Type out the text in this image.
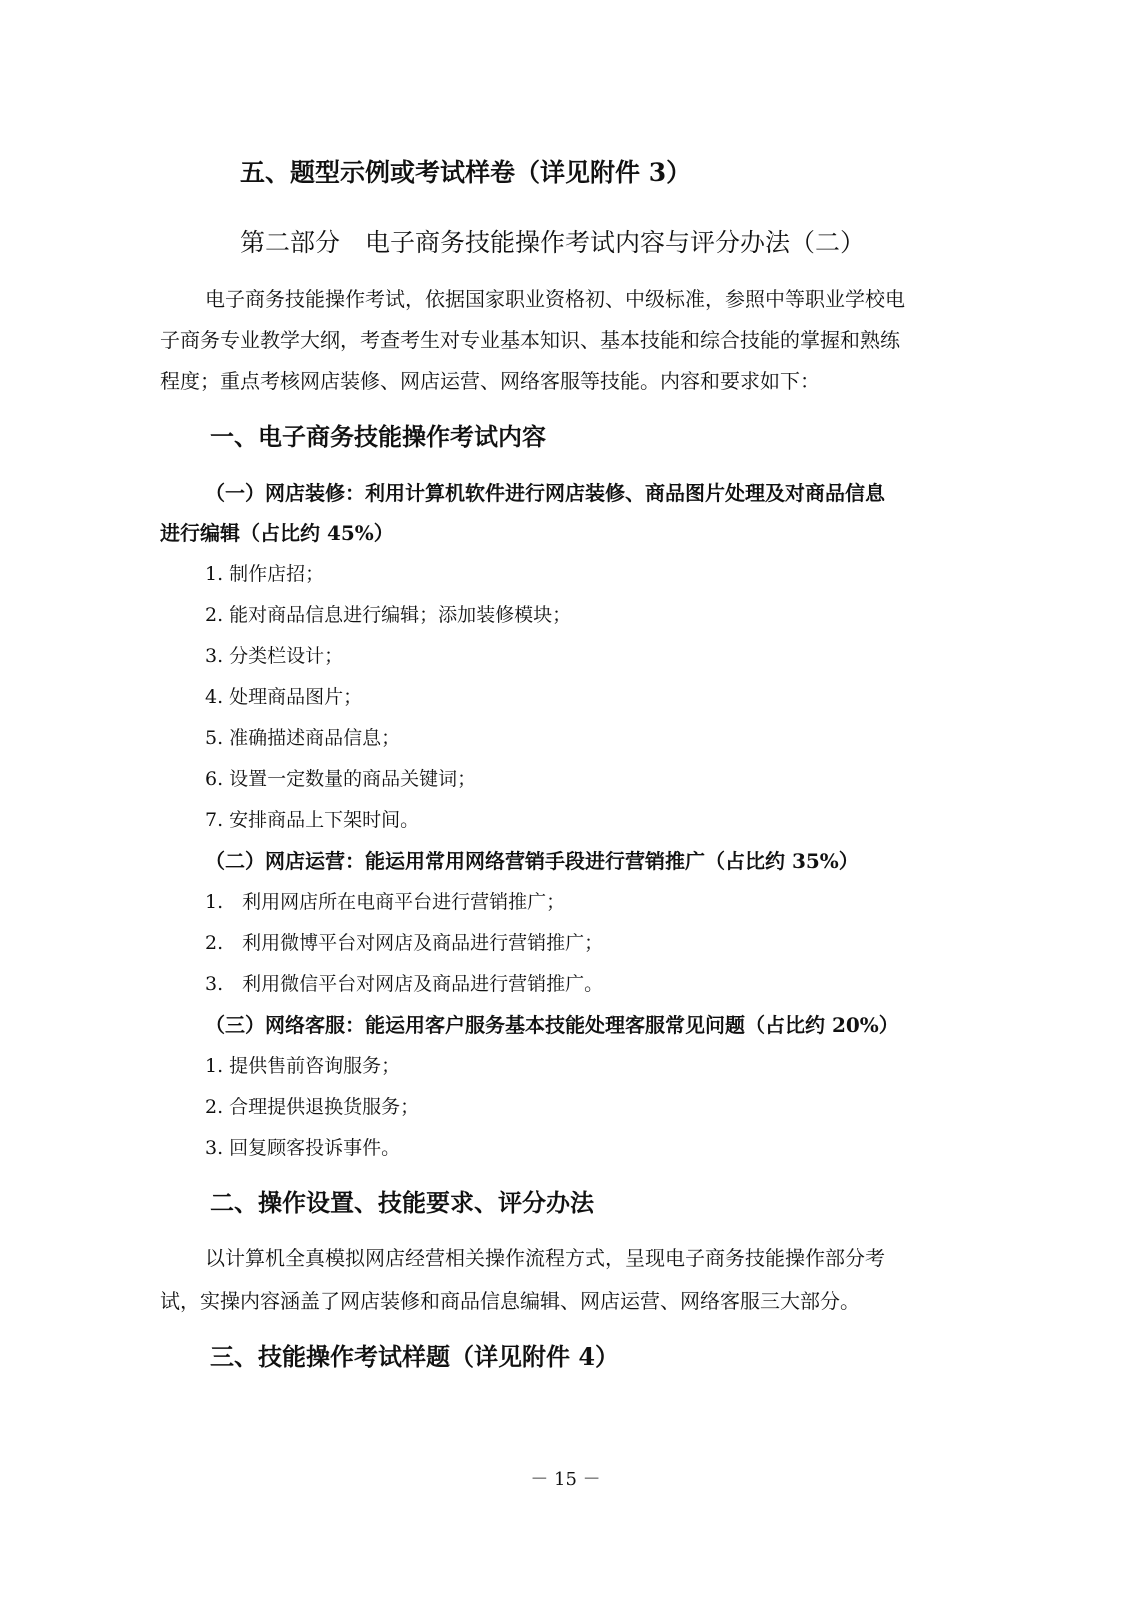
五、题型示例或考试样卷（详见附件 3）
第二部分　电子商务技能操作考试内容与评分办法（二）
电子商务技能操作考试，依据国家职业资格初、中级标准，参照中等职业学校电
子商务专业教学大纲，考查考生对专业基本知识、基本技能和综合技能的掌握和熟练
程度；重点考核网店装修、网店运营、网络客服等技能。内容和要求如下：
一、电子商务技能操作考试内容
（一）网店装修：利用计算机软件进行网店装修、商品图片处理及对商品信息
进行编辑（占比约 45%）
1. 制作店招；
2. 能对商品信息进行编辑；添加装修模块；
3. 分类栏设计；
4. 处理商品图片；
5. 准确描述商品信息；
6. 设置一定数量的商品关键词；
7. 安排商品上下架时间。
（二）网店运营：能运用常用网络营销手段进行营销推广（占比约 35%）
1.　利用网店所在电商平台进行营销推广；
2.　利用微博平台对网店及商品进行营销推广；
3.　利用微信平台对网店及商品进行营销推广。
（三）网络客服：能运用客户服务基本技能处理客服常见问题（占比约 20%）
1. 提供售前咨询服务；
2. 合理提供退换货服务；
3. 回复顾客投诉事件。
二、操作设置、技能要求、评分办法
以计算机全真模拟网店经营相关操作流程方式，呈现电子商务技能操作部分考
试，实操内容涵盖了网店装修和商品信息编辑、网店运营、网络客服三大部分。
三、技能操作考试样题（详见附件 4）
－ 15 －
